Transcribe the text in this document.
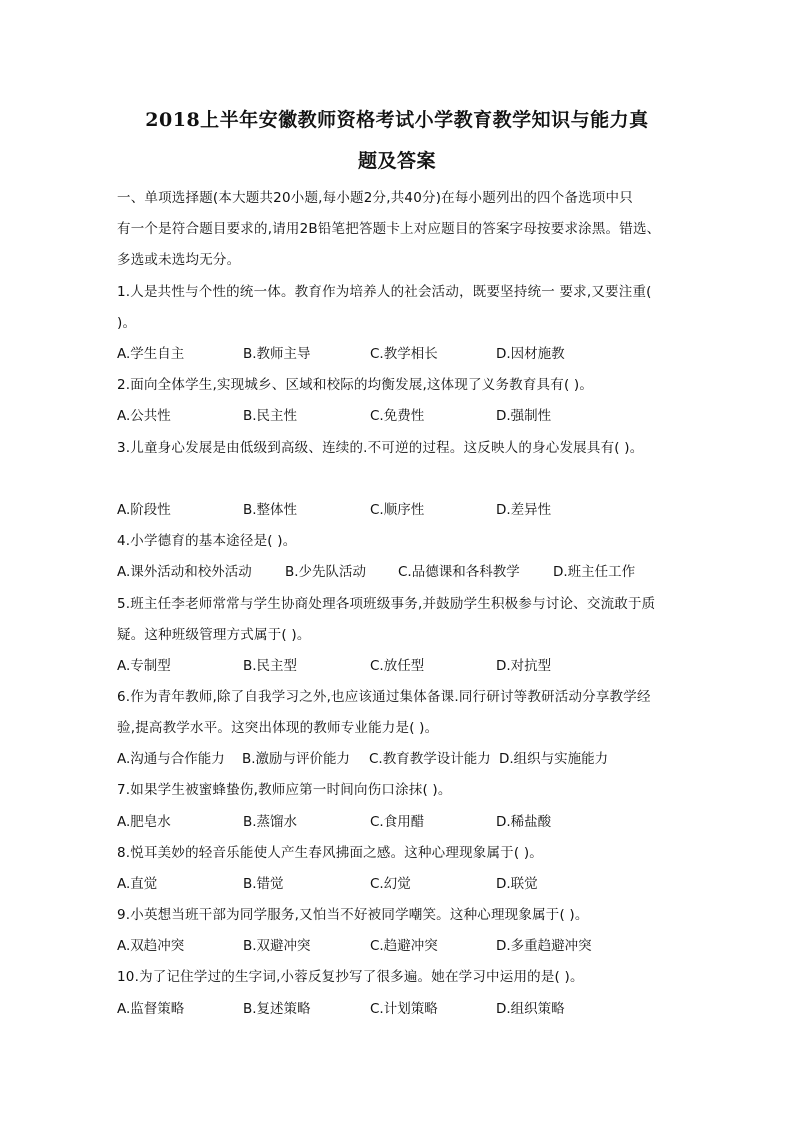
2018上半年安徽教师资格考试小学教育教学知识与能力真
题及答案
一、单项选择题(本大题共20小题,每小题2分,共40分)在每小题列出的四个备选项中只
有一个是符合题目要求的,请用2B铅笔把答题卡上对应题目的答案字母按要求涂黑。错选、
多选或未选均无分。
1.人是共性与个性的统一体。教育作为培养人的社会活动，既要坚持统一 要求,又要注重(
)。
A.学生自主	B.教师主导	C.教学相长	D.因材施教
2.面向全体学生,实现城乡、区域和校际的均衡发展,这体现了义务教育具有( )。
A.公共性	B.民主性	C.免费性	D.强制性
3.儿童身心发展是由低级到高级、连续的.不可逆的过程。这反映人的身心发展具有( )。
A.阶段性	B.整体性	C.顺序性	D.差异性
4.小学德育的基本途径是( )。
A.课外活动和校外活动 B.少先队活动 C.品德课和各科教学 D.班主任工作
5.班主任李老师常常与学生协商处理各项班级事务,并鼓励学生积极参与讨论、交流敢于质
疑。这种班级管理方式属于( )。
A.专制型	B.民主型	C.放任型	D.对抗型
6.作为青年教师,除了自我学习之外,也应该通过集体备课.同行研讨等教研活动分享教学经
验,提高教学水平。这突出体现的教师专业能力是( )。
A.沟通与合作能力 B.激励与评价能力 C.教育教学设计能力 D.组织与实施能力
7.如果学生被蜜蜂蛰伤,教师应第一时间向伤口涂抹( )。
A.肥皂水	B.蒸馏水	C.食用醋	D.稀盐酸
8.悦耳美妙的轻音乐能使人产生春风拂面之感。这种心理现象属于( )。
A.直觉	B.错觉	C.幻觉	D.联觉
9.小英想当班干部为同学服务,又怕当不好被同学嘲笑。这种心理现象属于( )。
A.双趋冲突	B.双避冲突	C.趋避冲突	D.多重趋避冲突
10.为了记住学过的生字词,小蓉反复抄写了很多遍。她在学习中运用的是( )。
A.监督策略	B.复述策略	C.计划策略	D.组织策略
